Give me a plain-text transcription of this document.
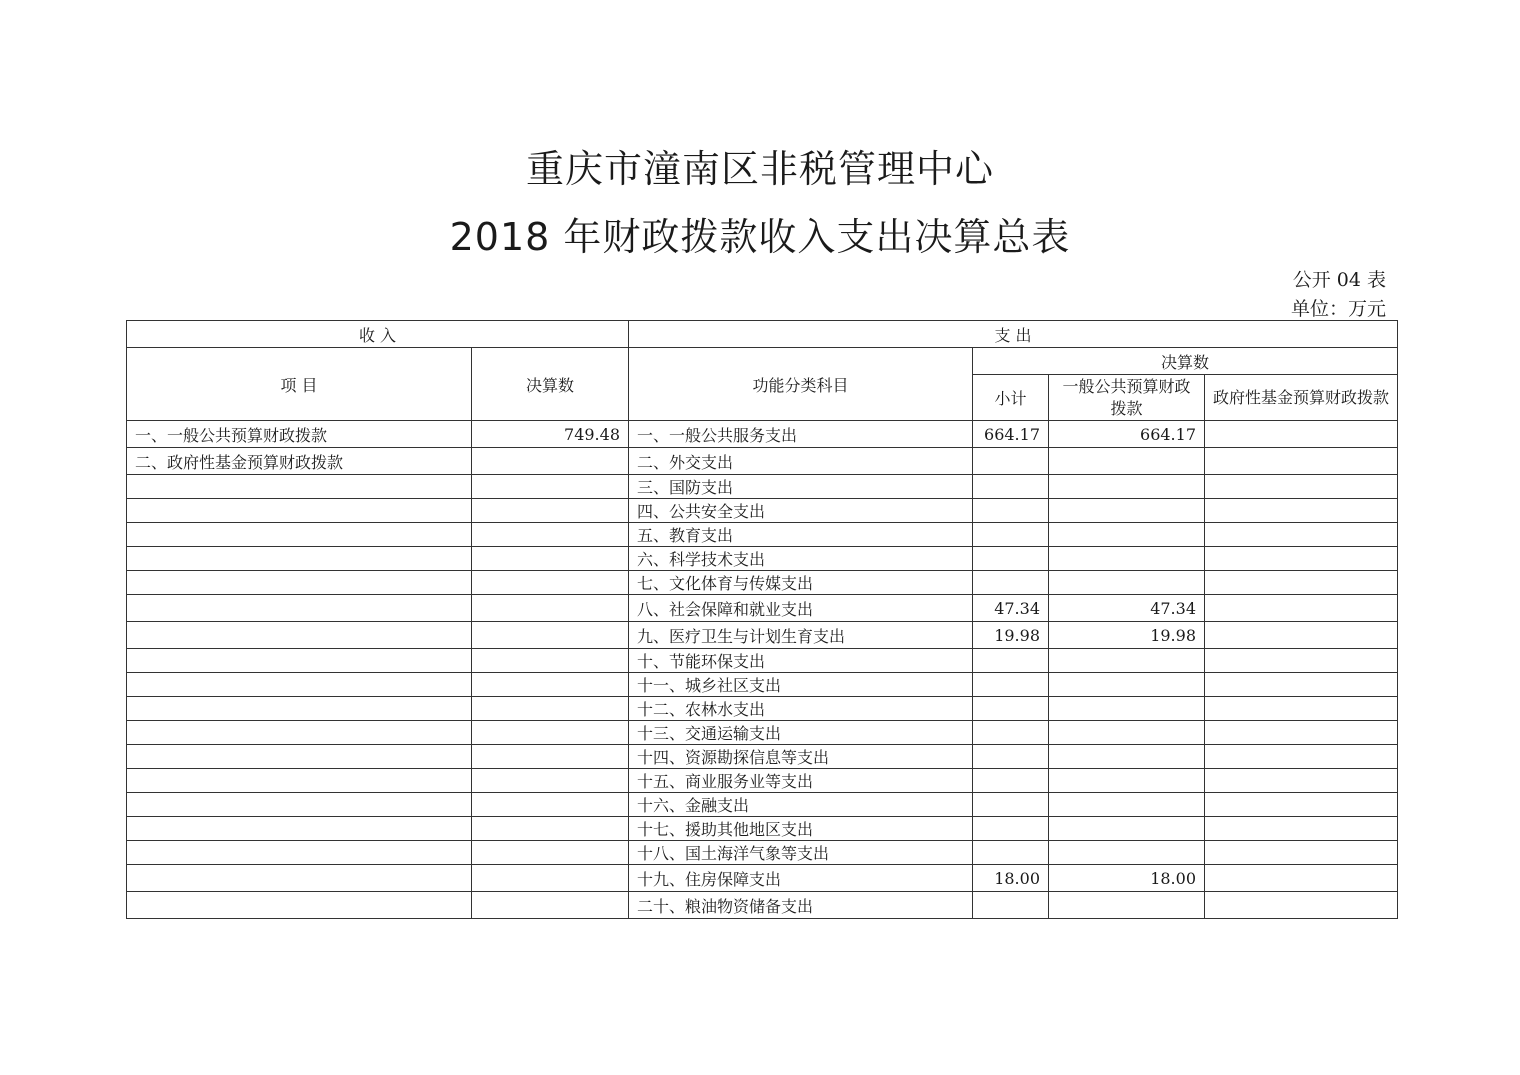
重庆市潼南区非税管理中心
2018 年财政拨款收入支出决算总表
公开 04 表
单位：万元
收 入		支 出			
项 目	决算数	功能分类科目	决算数		
			小计	一般公共预算财政拨款	政府性基金预算财政拨款
一、一般公共预算财政拨款	749.48	一、一般公共服务支出	664.17	664.17	
二、政府性基金预算财政拨款		二、外交支出			
		三、国防支出			
		四、公共安全支出			
		五、教育支出			
		六、科学技术支出			
		七、文化体育与传媒支出			
		八、社会保障和就业支出	47.34	47.34	
		九、医疗卫生与计划生育支出	19.98	19.98	
		十、节能环保支出			
		十一、城乡社区支出			
		十二、农林水支出			
		十三、交通运输支出			
		十四、资源勘探信息等支出			
		十五、商业服务业等支出			
		十六、金融支出			
		十七、援助其他地区支出			
		十八、国土海洋气象等支出			
		十九、住房保障支出	18.00	18.00	
		二十、粮油物资储备支出			
